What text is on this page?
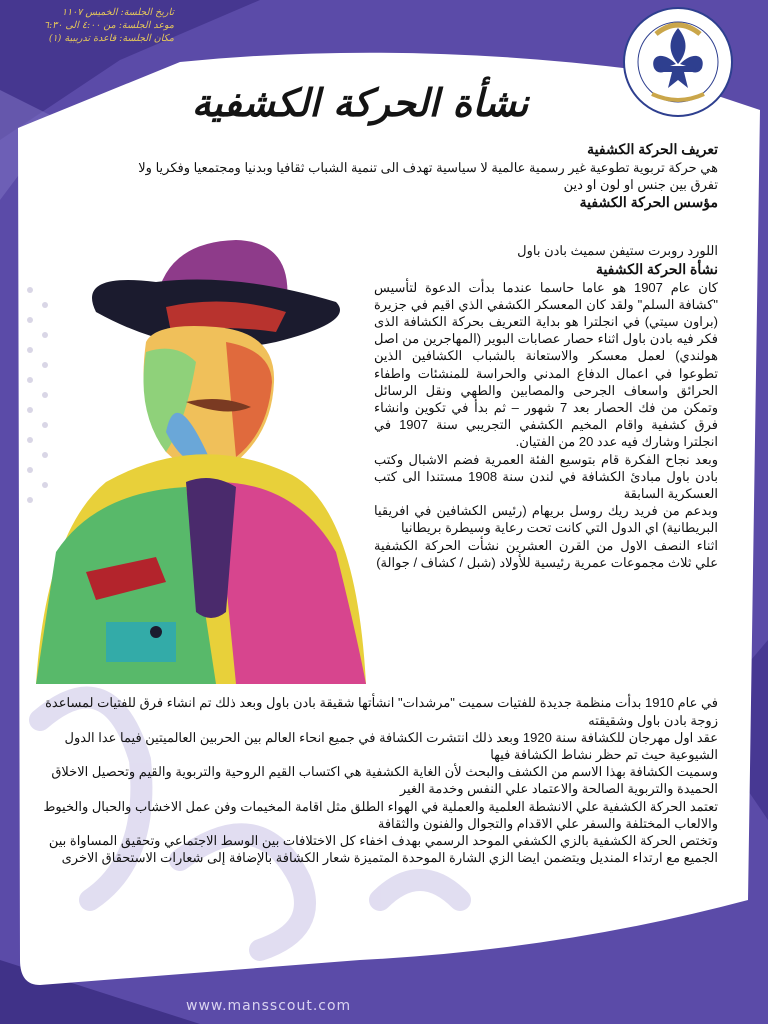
تاريخ الجلسة: الخميس ١١٠٧
موعد الجلسة: من ٤:٠٠ الى ٦:٣٠
مكان الجلسة: قاعدة تدريبية (١)
نشأة الحركة الكشفية
تعريف الحركة الكشفية
هي حركة تربوية تطوعية غير رسمية عالمية لا سياسية تهدف الى تنمية الشباب ثقافيا وبدنيا ومجتمعيا وفكريا ولا
تفرق بين جنس او لون او دين
مؤسس الحركة الكشفية
اللورد روبرت ستيفن سميث بادن باول
نشأة الحركة الكشفية
كان عام 1907 هو عاما حاسما عندما بدأت الدعوة لتأسيس "كشافة السلم" ولقد كان المعسكر الكشفي الذي اقيم في جزيرة (براون سيتي) في انجلترا هو بداية التعريف بحركة الكشافة الذى فكر فيه بادن باول اثناء حصار عصابات البوير (المهاجرين من اصل هولندي) لعمل معسكر والاستعانة بالشباب الكشافين الذين تطوعوا في اعمال الدفاع المدني والحراسة للمنشئات واطفاء الحرائق واسعاف الجرحى والمصابين والطهي ونقل الرسائل وتمكن من فك الحصار بعد 7 شهور – ثم بدأ في تكوين وانشاء فرق كشفية واقام المخيم الكشفي التجريبي سنة 1907 في انجلترا وشارك فيه عدد 20 من الفتيان.
وبعد نجاح الفكرة قام بتوسيع الفئة العمرية فضم الاشبال وكتب بادن باول مبادئ الكشافة في لندن سنة 1908 مستندا الى كتب العسكرية السابقة
وبدعم من فريد ريك روسل بريهام (رئيس الكشافين في افريقيا البريطانية) اي الدول التي كانت تحت رعاية وسيطرة بريطانيا
اثناء النصف الاول من القرن العشرين نشأت الحركة الكشفية علي ثلاث مجموعات عمرية رئيسية للأولاد (شبل / كشاف / جوالة)
في عام 1910 بدأت منظمة جديدة للفتيات سميت "مرشدات" انشأتها شقيقة بادن باول وبعد ذلك تم انشاء فرق للفتيات لمساعدة زوجة بادن باول وشقيقته
عقد اول مهرجان للكشافة سنة 1920 وبعد ذلك انتشرت الكشافة في جميع انحاء العالم بين الحربين العالميتين فيما عدا الدول الشيوعية حيث تم حظر نشاط الكشافة فيها
وسميت الكشافة بهذا الاسم من الكشف والبحث لأن الغاية الكشفية هي اكتساب القيم الروحية والتربوية والقيم وتحصيل الاخلاق الحميدة والتربوية الصالحة والاعتماد علي النفس وخدمة الغير
تعتمد الحركة الكشفية علي الانشطة العلمية والعملية في الهواء الطلق مثل اقامة المخيمات وفن عمل الاخشاب والحبال والخيوط والالعاب المختلفة والسفر علي الاقدام والتجوال والفنون والثقافة
وتختص الحركة الكشفية بالزي الكشفي الموحد الرسمي بهدف اخفاء كل الاختلافات بين الوسط الاجتماعي وتحقيق المساواة بين الجميع مع ارتداء المنديل ويتضمن ايضا الزي الشارة الموحدة المتميزة شعار الكشافة بالإضافة إلى شعارات الاستحقاق الاخرى
www.mansscout.com
